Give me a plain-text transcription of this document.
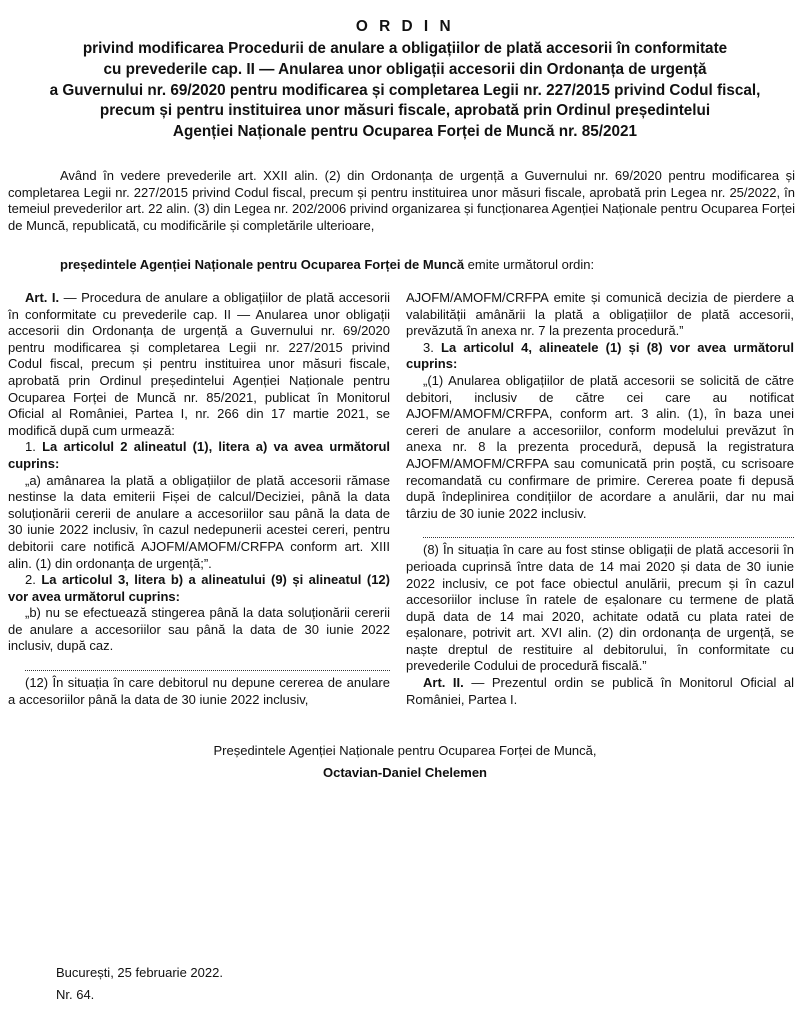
O R D I N
privind modificarea Procedurii de anulare a obligațiilor de plată accesorii în conformitate
cu prevederile cap. II — Anularea unor obligații accesorii din Ordonanța de urgență
a Guvernului nr. 69/2020 pentru modificarea și completarea Legii nr. 227/2015 privind Codul fiscal,
precum și pentru instituirea unor măsuri fiscale, aprobată prin Ordinul președintelui
Agenției Naționale pentru Ocuparea Forței de Muncă nr. 85/2021
Având în vedere prevederile art. XXII alin. (2) din Ordonanța de urgență a Guvernului nr. 69/2020 pentru modificarea și completarea Legii nr. 227/2015 privind Codul fiscal, precum și pentru instituirea unor măsuri fiscale, aprobată prin Legea nr. 25/2022, în temeiul prevederilor art. 22 alin. (3) din Legea nr. 202/2006 privind organizarea și funcționarea Agenției Naționale pentru Ocuparea Forței de Muncă, republicată, cu modificările și completările ulterioare,
președintele Agenției Naționale pentru Ocuparea Forței de Muncă emite următorul ordin:

Art. I. — Procedura de anulare a obligațiilor de plată accesorii în conformitate cu prevederile cap. II — Anularea unor obligații accesorii din Ordonanța de urgență a Guvernului nr. 69/2020 pentru modificarea și completarea Legii nr. 227/2015 privind Codul fiscal, precum și pentru instituirea unor măsuri fiscale, aprobată prin Ordinul președintelui Agenției Naționale pentru Ocuparea Forței de Muncă nr. 85/2021, publicat în Monitorul Oficial al României, Partea I, nr. 266 din 17 martie 2021, se modifică după cum urmează:

1. La articolul 2 alineatul (1), litera a) va avea următorul cuprins:

„a) amânarea la plată a obligațiilor de plată accesorii rămase nestinse la data emiterii Fișei de calcul/Deciziei, până la data soluționării cererii de anulare a accesoriilor sau până la data de 30 iunie 2022 inclusiv, în cazul nedepunerii acestei cereri, pentru debitorii care notifică AJOFM/AMOFM/CRFPA conform art. XIII alin. (1) din ordonanța de urgență;”.

2. La articolul 3, litera b) a alineatului (9) și alineatul (12) vor avea următorul cuprins:

„b) nu se efectuează stingerea până la data soluționării cererii de anulare a accesoriilor sau până la data de 30 iunie 2022 inclusiv, după caz.

(12) În situația în care debitorul nu depune cererea de anulare a accesoriilor până la data de 30 iunie 2022 inclusiv,

AJOFM/AMOFM/CRFPA emite și comunică decizia de pierdere a valabilității amânării la plată a obligațiilor de plată accesorii, prevăzută în anexa nr. 7 la prezenta procedură.”

3. La articolul 4, alineatele (1) și (8) vor avea următorul cuprins:

„(1) Anularea obligațiilor de plată accesorii se solicită de către debitori, inclusiv de către cei care au notificat AJOFM/AMOFM/CRFPA, conform art. 3 alin. (1), în baza unei cereri de anulare a accesoriilor, conform modelului prevăzut în anexa nr. 8 la prezenta procedură, depusă la registratura AJOFM/AMOFM/CRFPA sau comunicată prin poștă, cu scrisoare recomandată cu confirmare de primire. Cererea poate fi depusă după îndeplinirea condițiilor de acordare a anulării, dar nu mai târziu de 30 iunie 2022 inclusiv.

(8) În situația în care au fost stinse obligații de plată accesorii în perioada cuprinsă între data de 14 mai 2020 și data de 30 iunie 2022 inclusiv, ce pot face obiectul anulării, precum și în cazul accesoriilor incluse în ratele de eșalonare cu termene de plată după data de 14 mai 2020, achitate odată cu plata ratei de eșalonare, potrivit art. XVI alin. (2) din ordonanța de urgență, se naște dreptul de restituire al debitorului, în conformitate cu prevederile Codului de procedură fiscală.”

Art. II. — Prezentul ordin se publică în Monitorul Oficial al României, Partea I.

Președintele Agenției Naționale pentru Ocuparea Forței de Muncă,
Octavian-Daniel Chelemen
București, 25 februarie 2022.
Nr. 64.
